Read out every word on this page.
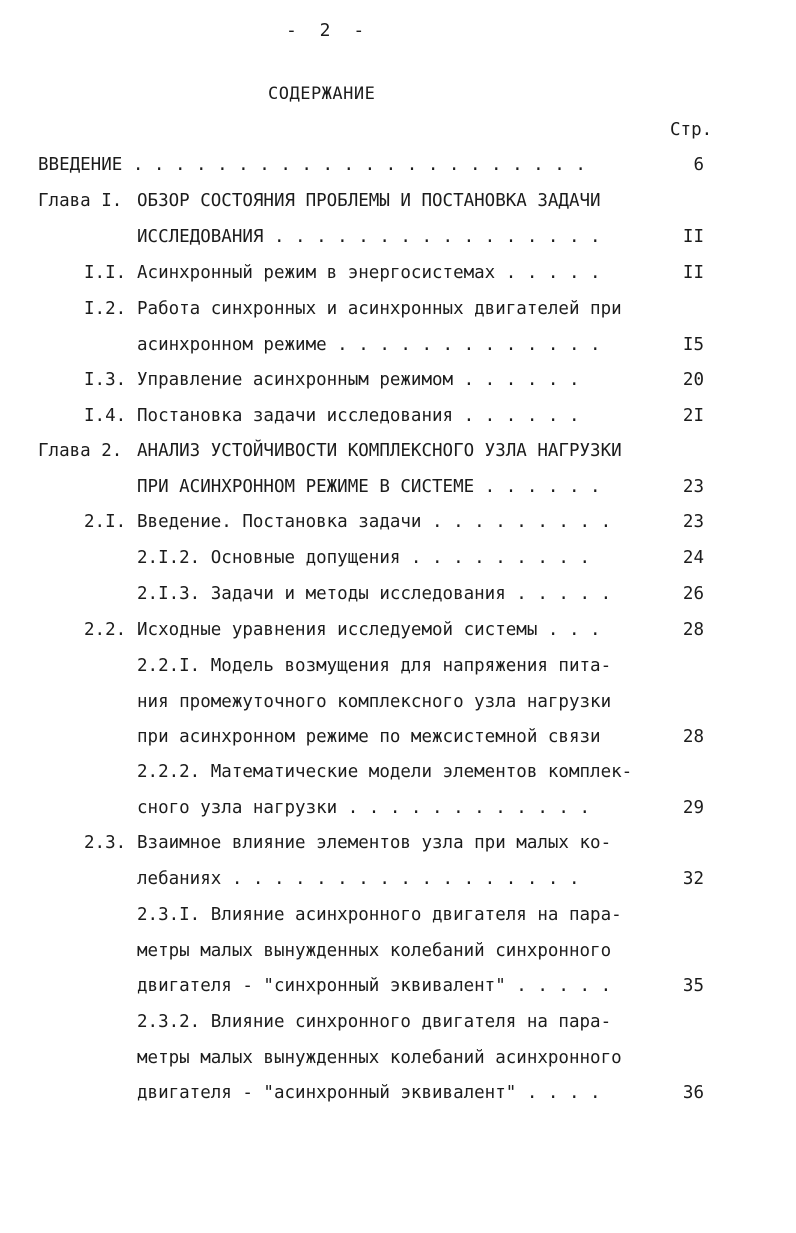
- 2 -
СОДЕРЖАНИЕ
Стр.
ВВЕДЕНИЕ . . . . . . . . . . . . . . . . . . . . . .	6
Глава I. ОБЗОР СОСТОЯНИЯ ПРОБЛЕМЫ И ПОСТАНОВКА ЗАДАЧИ
ИССЛЕДОВАНИЯ . . . . . . . . . . . . . . . .	II
I.I. Асинхронный режим в энергосистемах . . . . .	II
I.2. Работа синхронных и асинхронных двигателей при
асинхронном режиме . . . . . . . . . . . . .	I5
I.3. Управление асинхронным режимом . . . . . .	20
I.4. Постановка задачи исследования . . . . . .	2I
Глава 2. АНАЛИЗ УСТОЙЧИВОСТИ КОМПЛЕКСНОГО УЗЛА НАГРУЗКИ
ПРИ АСИНХРОННОМ РЕЖИМЕ В СИСТЕМЕ . . . . . .	23
2.I. Введение. Постановка задачи . . . . . . . . .	23
2.I.2. Основные допущения . . . . . . . . .	24
2.I.3. Задачи и методы исследования . . . . .	26
2.2. Исходные уравнения исследуемой системы . . .	28
2.2.I. Модель возмущения для напряжения пита-
ния промежуточного комплексного узла нагрузки
при асинхронном режиме по межсистемной связи	28
2.2.2. Математические модели элементов комплек-
сного узла нагрузки . . . . . . . . . . . .	29
2.3. Взаимное влияние элементов узла при малых ко-
лебаниях . . . . . . . . . . . . . . . . .	32
2.3.I. Влияние асинхронного двигателя на пара-
метры малых вынужденных колебаний синхронного
двигателя - "синхронный эквивалент" . . . . .	35
2.3.2. Влияние синхронного двигателя на пара-
метры малых вынужденных колебаний асинхронного
двигателя - "асинхронный эквивалент" . . . .	36
